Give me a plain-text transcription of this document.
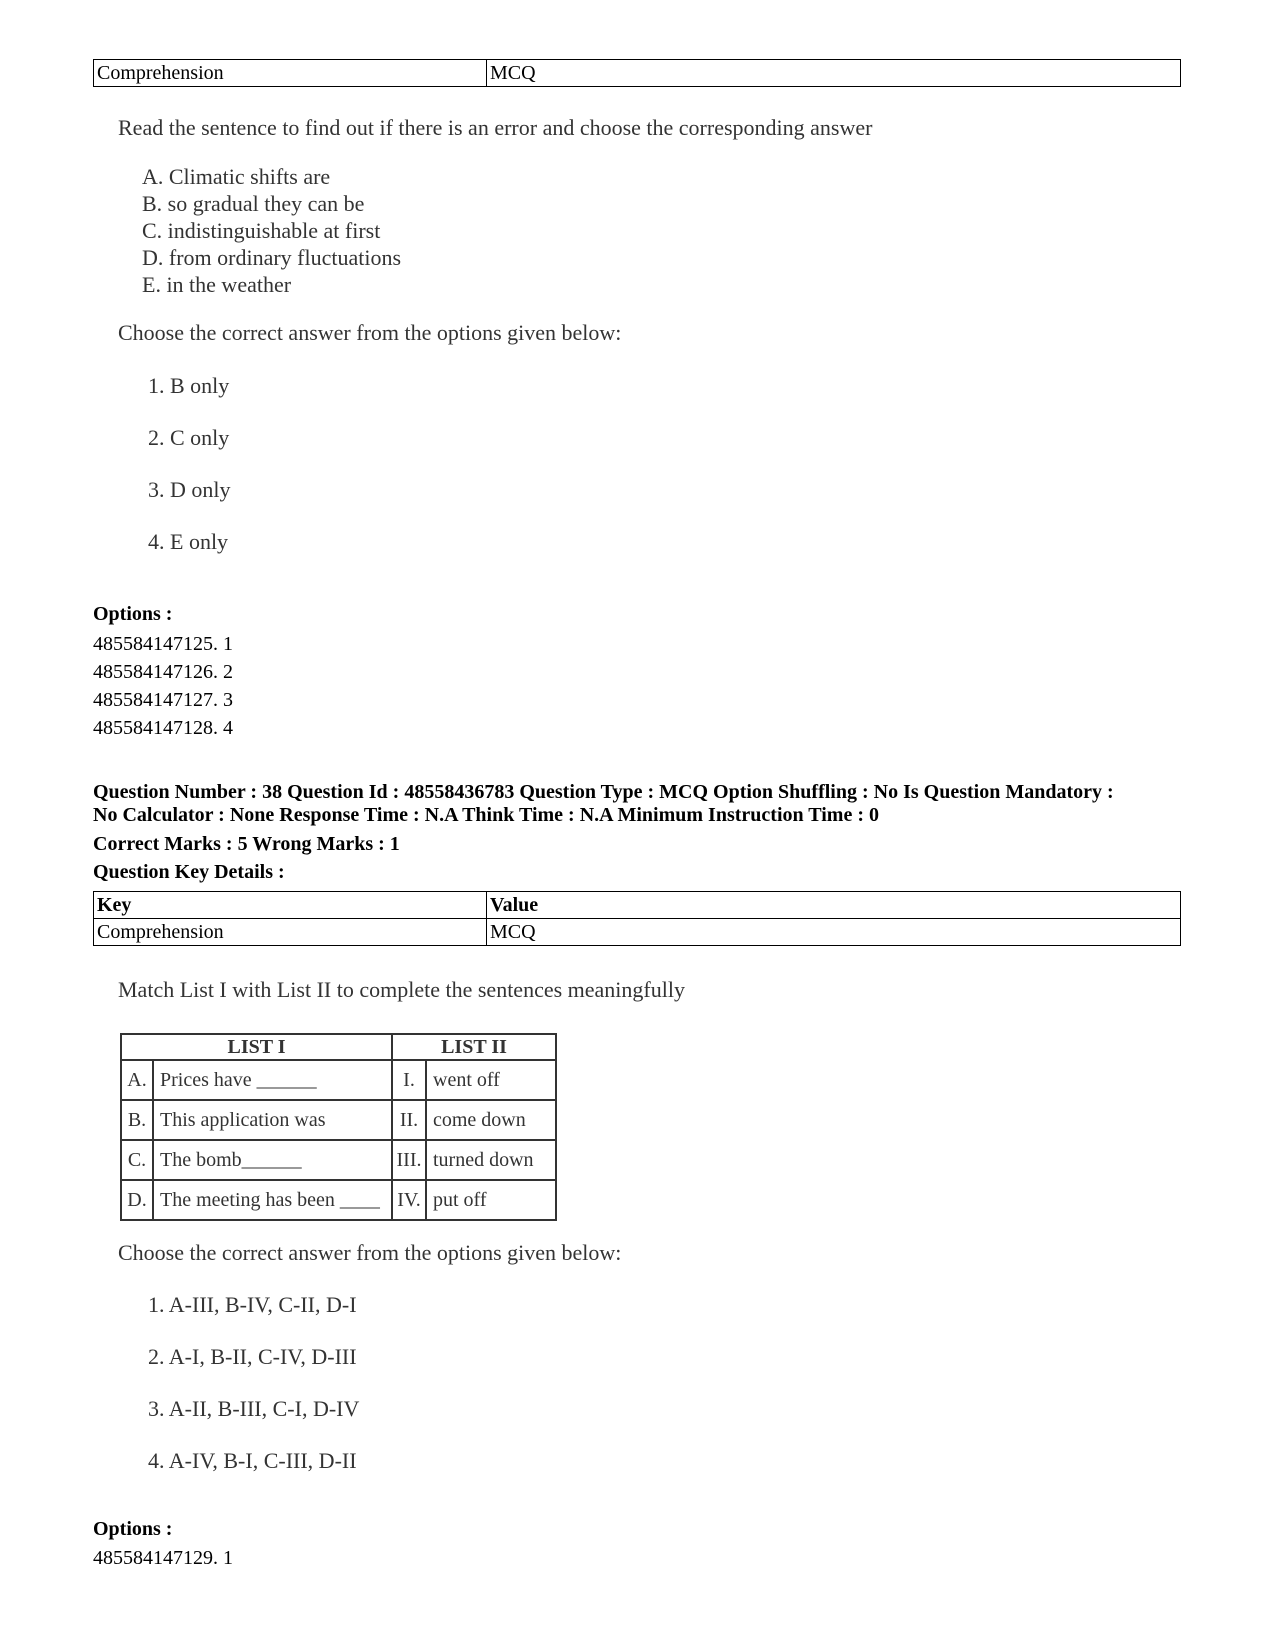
Comprehension	MCQ
Read the sentence to find out if there is an error and choose the corresponding answer
A. Climatic shifts are
B. so gradual they can be
C. indistinguishable at first
D. from ordinary fluctuations
E. in the weather
Choose the correct answer from the options given below:
1. B only
2. C only
3. D only
4. E only
Options :
485584147125. 1
485584147126. 2
485584147127. 3
485584147128. 4
Question Number : 38 Question Id : 48558436783 Question Type : MCQ Option Shuffling : No Is Question Mandatory :
No Calculator : None Response Time : N.A Think Time : N.A Minimum Instruction Time : 0
Correct Marks : 5 Wrong Marks : 1
Question Key Details :
Key	Value
Comprehension	MCQ
Match List I with List II to complete the sentences meaningfully
LIST I		LIST II	
A.	Prices have ______	I.	went off
B.	This application was	II.	come down
C.	The bomb______	III.	turned down
D.	The meeting has been ____	IV.	put off
Choose the correct answer from the options given below:
1. A-III, B-IV, C-II, D-I
2. A-I, B-II, C-IV, D-III
3. A-II, B-III, C-I, D-IV
4. A-IV, B-I, C-III, D-II
Options :
485584147129. 1
